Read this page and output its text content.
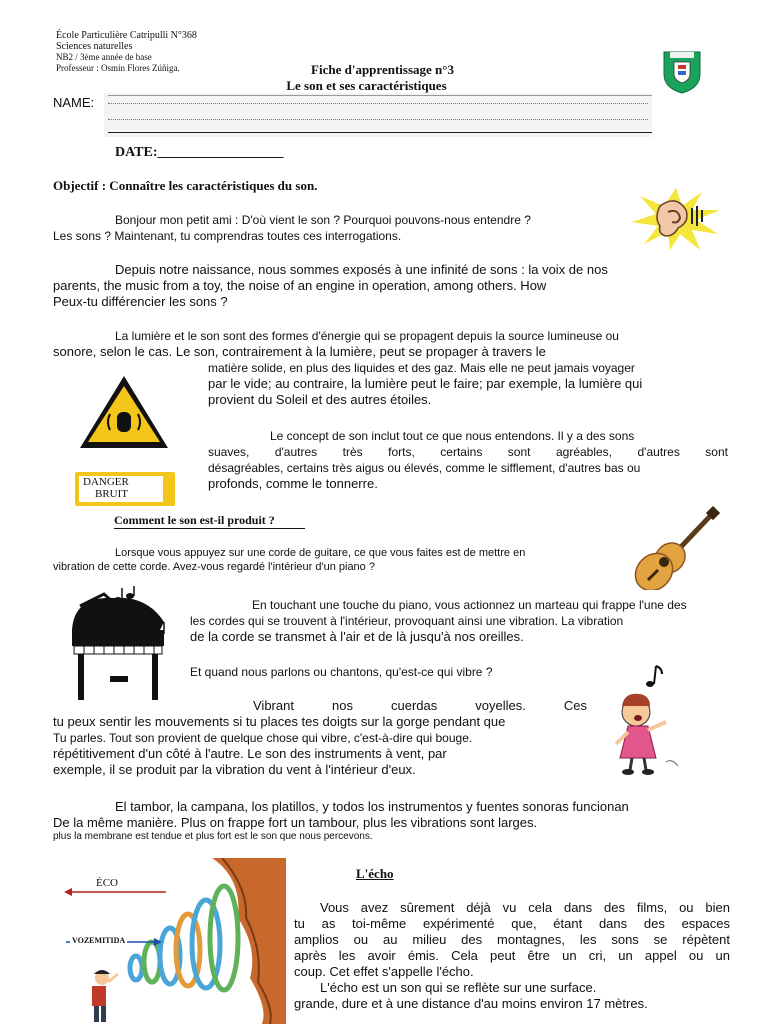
École Particulière Catripulli N°368
Sciences naturelles
NB2 / 3ème année de base
Professeur : Osmín Flores Zúñiga.	Fiche d'apprentissage n°3
Le son et ses caractéristiques
NAME:
DATE:__________________
Objectif : Connaître les caractéristiques du son.
Bonjour mon petit ami : D'où vient le son ? Pourquoi pouvons-nous entendre ?
Les sons ? Maintenant, tu comprendras toutes ces interrogations.
Depuis notre naissance, nous sommes exposés à une infinité de sons : la voix de nos
parents, the music from a toy, the noise of an engine in operation, among others. How
Peux-tu différencier les sons ?
La lumière et le son sont des formes d'énergie qui se propagent depuis la source lumineuse ou
sonore, selon le cas. Le son, contrairement à la lumière, peut se propager à travers le
matière solide, en plus des liquides et des gaz. Mais elle ne peut jamais voyager
par le vide; au contraire, la lumière peut le faire; par exemple, la lumière qui
provient du Soleil et des autres étoiles.
DANGER
BRUIT
Le concept de son inclut tout ce que nous entendons. Il y a des sons
suaves, d'autres très forts, certains sont agréables, d'autres sont
désagréables, certains très aigus ou élevés, comme le sifflement, d'autres bas ou
profonds, comme le tonnerre.
Comment le son est-il produit ?
Lorsque vous appuyez sur une corde de guitare, ce que vous faites est de mettre en
vibration de cette corde. Avez-vous regardé l'intérieur d'un piano ?
En touchant une touche du piano, vous actionnez un marteau qui frappe l'une des
les cordes qui se trouvent à l'intérieur, provoquant ainsi une vibration. La vibration
de la corde se transmet à l'air et de là jusqu'à nos oreilles.
Et quand nous parlons ou chantons, qu'est-ce qui vibre ?
Vibrant nos cuerdas voyelles. Ces
tu peux sentir les mouvements si tu places tes doigts sur la gorge pendant que
Tu parles. Tout son provient de quelque chose qui vibre, c'est-à-dire qui bouge.
répétitivement d'un côté à l'autre. Le son des instruments à vent, par
exemple, il se produit par la vibration du vent à l'intérieur d'eux.
El tambor, la campana, los platillos, y todos los instrumentos y fuentes sonoras funcionan
De la même manière. Plus on frappe fort un tambour, plus les vibrations sont larges.
plus la membrane est tendue et plus fort est le son que nous percevons.
ÉCO
VOZEMITIDA
L'écho
Vous avez sûrement déjà vu cela dans des films, ou bien
tu as toi-même expérimenté que, étant dans des espaces
amplios ou au milieu des montagnes, les sons se répètent
après les avoir émis. Cela peut être un cri, un appel ou un
coup. Cet effet s'appelle l'écho.
L'écho est un son qui se reflète sur une surface.
grande, dure et à une distance d'au moins environ 17 mètres.
